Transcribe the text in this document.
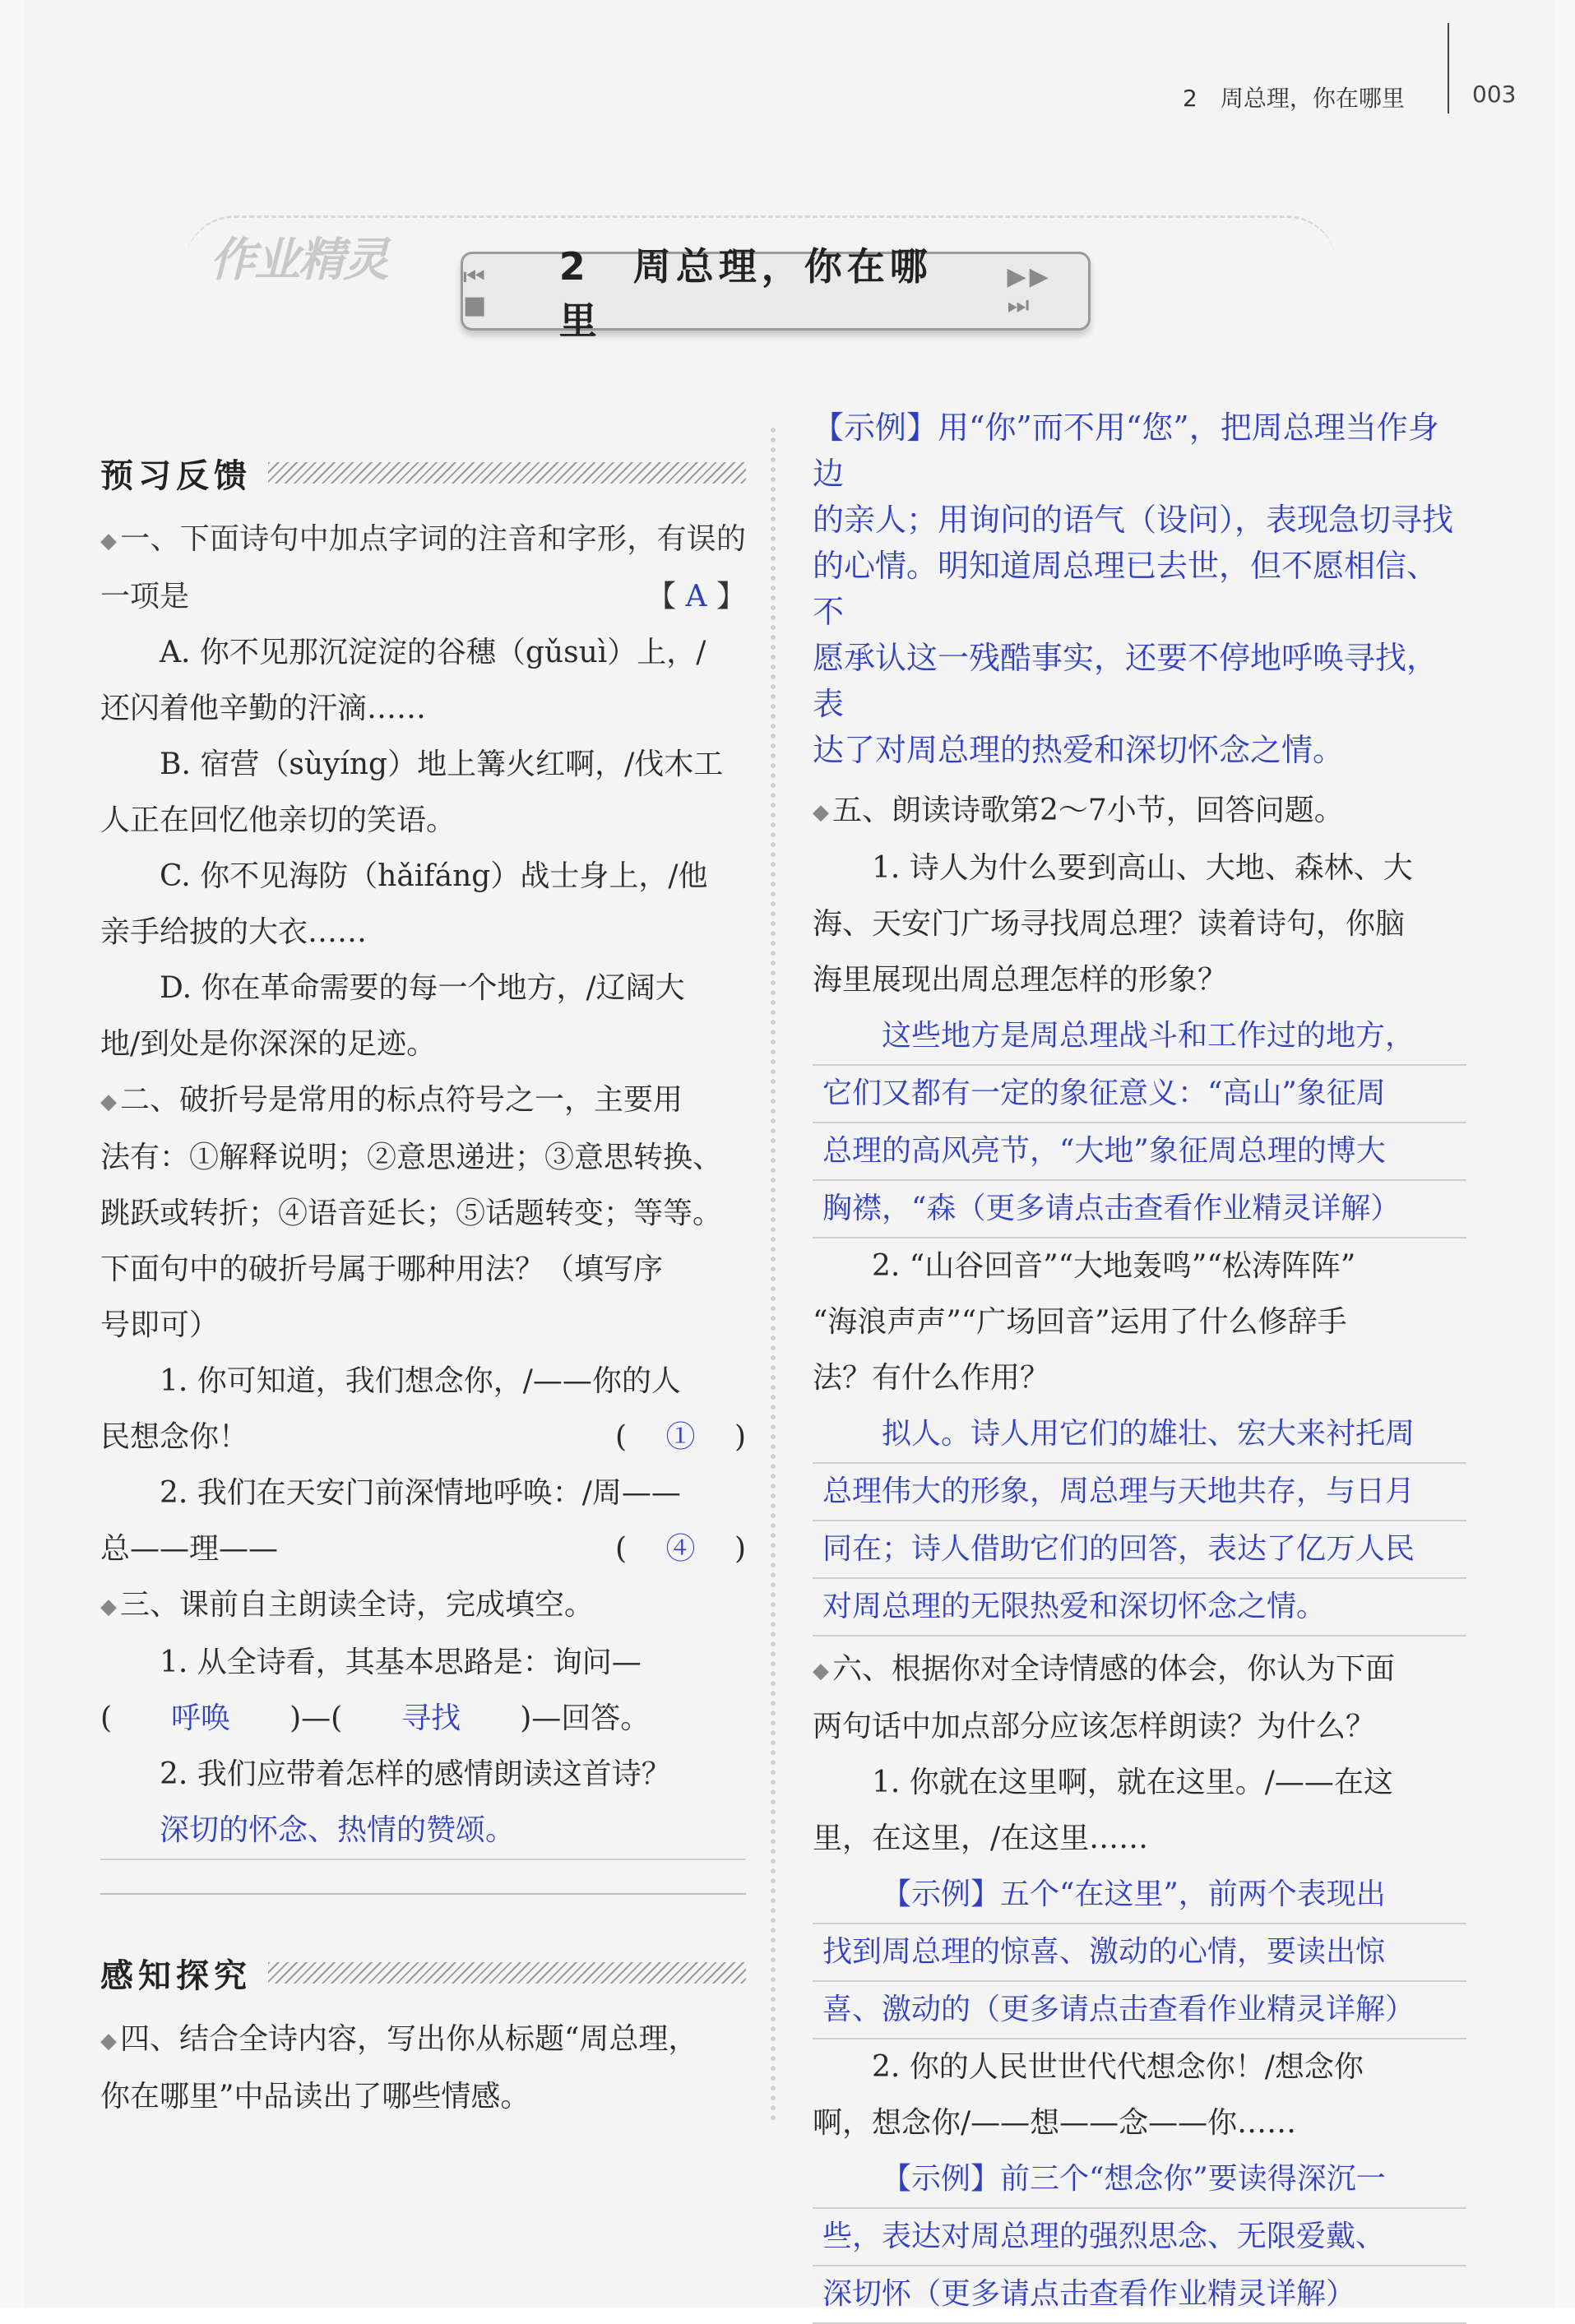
2　周总理，你在哪里	003
作业精灵	⏮ ■
2　周总理，你在哪里
▶▶ ⏭
预习反馈

◆ 一、下面诗句中加点字词的注音和字形，有误的一项是	【 A 】

A. 你不见那沉淀淀的谷穗（gǔsuì）上，/

还闪着他辛勤的汗滴……

B. 宿营（sùyíng）地上篝火红啊，/伐木工

人正在回忆他亲切的笑语。

C. 你不见海防（hǎifáng）战士身上，/他

亲手给披的大衣……

D. 你在革命需要的每一个地方，/辽阔大

地/到处是你深深的足迹。

◆ 二、破折号是常用的标点符号之一，主要用

法有：①解释说明；②意思递进；③意思转换、

跳跃或转折；④语音延长；⑤话题转变；等等。

下面句中的破折号属于哪种用法？（填写序

号即可）

1. 你可知道，我们想念你，/——你的人

民想念你！	(　 ① 　)

2. 我们在天安门前深情地呼唤：/周——

总——理——	(　 ④ 　)

◆ 三、课前自主朗读全诗，完成填空。

1. 从全诗看，其基本思路是：询问—

(　　呼唤　　)—(　　寻找　　 )—回答。

2. 我们应带着怎样的感情朗读这首诗？

深切的怀念、热情的赞颂。
感知探究

◆ 四、结合全诗内容，写出你从标题“周总理，

你在哪里”中品读出了哪些情感。

【示例】用“你”而不用“您”，把周总理当作身边
的亲人；用询问的语气（设问），表现急切寻找
的心情。明知道周总理已去世，但不愿相信、不
愿承认这一残酷事实，还要不停地呼唤寻找，表
达了对周总理的热爱和深切怀念之情。

◆ 五、朗读诗歌第2～7小节，回答问题。

1. 诗人为什么要到高山、大地、森林、大

海、天安门广场寻找周总理？读着诗句，你脑

海里展现出周总理怎样的形象？

这些地方是周总理战斗和工作过的地方，
它们又都有一定的象征意义：“高山”象征周
总理的高风亮节，“大地”象征周总理的博大
胸襟，“森（更多请点击查看作业精灵详解）

2. “山谷回音”“大地轰鸣”“松涛阵阵”

“海浪声声”“广场回音”运用了什么修辞手

法？有什么作用？

拟人。诗人用它们的雄壮、宏大来衬托周
总理伟大的形象，周总理与天地共存，与日月
同在；诗人借助它们的回答，表达了亿万人民
对周总理的无限热爱和深切怀念之情。

◆ 六、根据你对全诗情感的体会，你认为下面

两句话中加点部分应该怎样朗读？为什么？

1. 你就在这里啊，就在这里。/——在这

里，在这里，/在这里……

【示例】五个“在这里”，前两个表现出
找到周总理的惊喜、激动的心情，要读出惊
喜、激动的（更多请点击查看作业精灵详解）

2. 你的人民世世代代想念你！/想念你

啊，想念你/——想——念——你……

【示例】前三个“想念你”要读得深沉一
些，表达对周总理的强烈思念、无限爱戴、
深切怀（更多请点击查看作业精灵详解）
